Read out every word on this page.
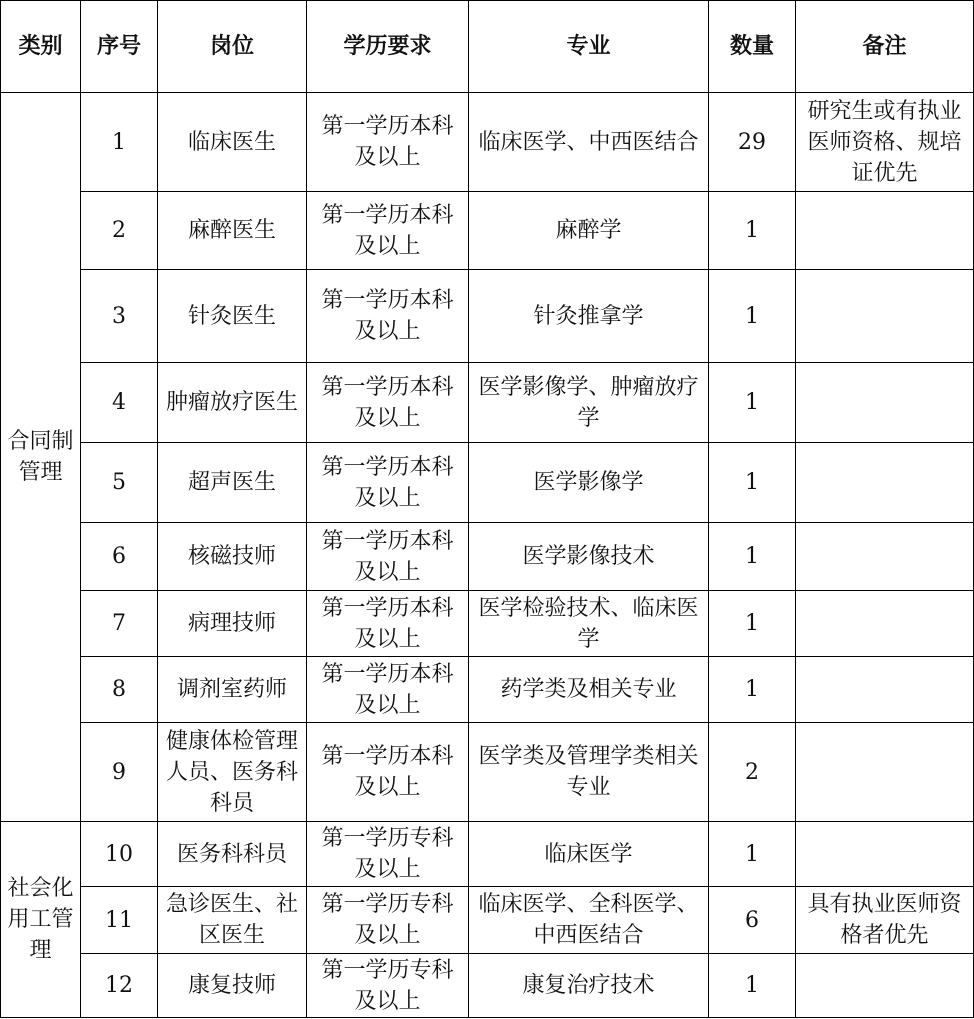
类别	序号	岗位	学历要求	专业	数量	备注
合同制管理	1	临床医生	第一学历本科及以上	临床医学、中西医结合	29	研究生或有执业医师资格、规培证优先
	2	麻醉医生	第一学历本科及以上	麻醉学	1	
	3	针灸医生	第一学历本科及以上	针灸推拿学	1	
	4	肿瘤放疗医生	第一学历本科及以上	医学影像学、肿瘤放疗学	1	
	5	超声医生	第一学历本科及以上	医学影像学	1	
	6	核磁技师	第一学历本科及以上	医学影像技术	1	
	7	病理技师	第一学历本科及以上	医学检验技术、临床医学	1	
	8	调剂室药师	第一学历本科及以上	药学类及相关专业	1	
	9	健康体检管理人员、医务科科员	第一学历本科及以上	医学类及管理学类相关专业	2	
社会化用工管理	10	医务科科员	第一学历专科及以上	临床医学	1	
	11	急诊医生、社区医生	第一学历专科及以上	临床医学、全科医学、中西医结合	6	具有执业医师资格者优先
	12	康复技师	第一学历专科及以上	康复治疗技术	1	
